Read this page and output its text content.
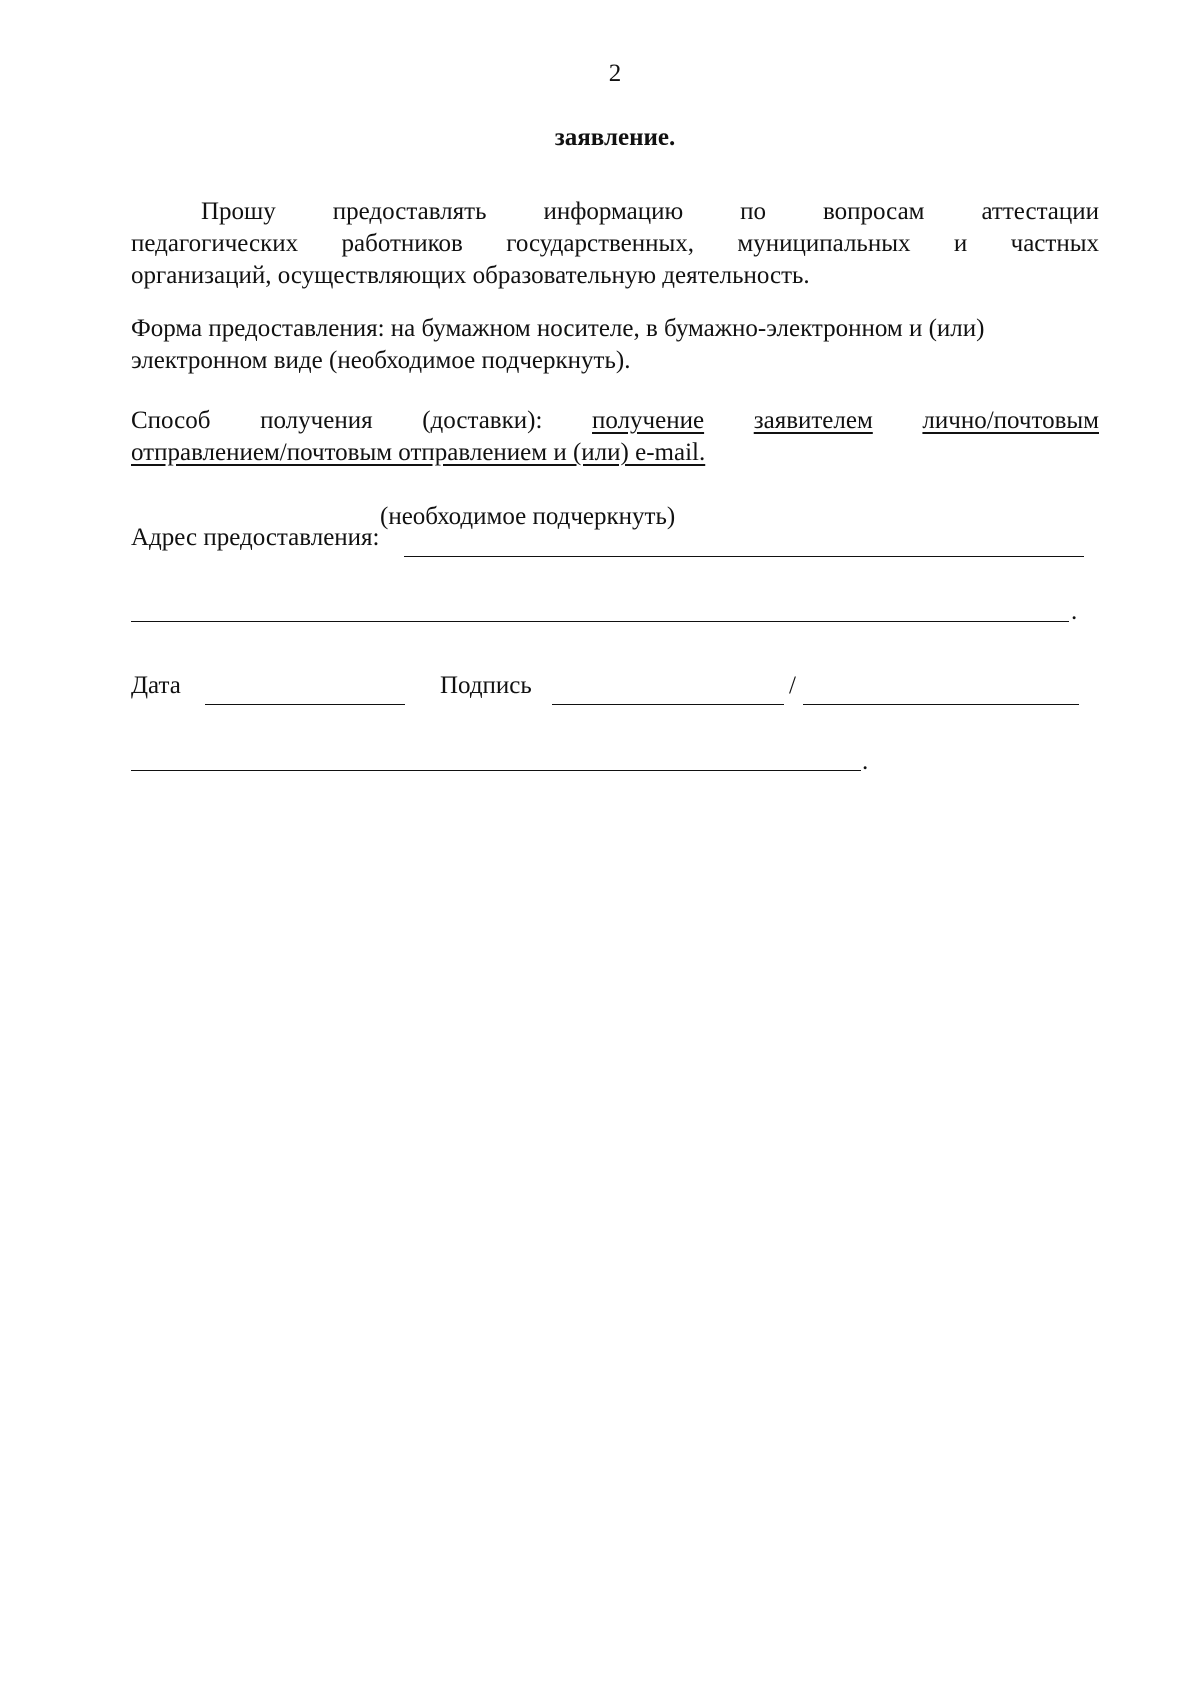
2
заявление.
Прошу предоставлять информацию по вопросам аттестации
педагогических работников государственных, муниципальных и частных
организаций, осуществляющих образовательную деятельность.
Форма предоставления: на бумажном носителе, в бумажно-электронном и (или)
электронном виде (необходимое подчеркнуть).
Способ получения (доставки): получение заявителем лично/почтовым
отправлением/почтовым отправлением и (или) e-mail.
(необходимое подчеркнуть)
Адрес предоставления:
.
Дата	Подпись	/
.
